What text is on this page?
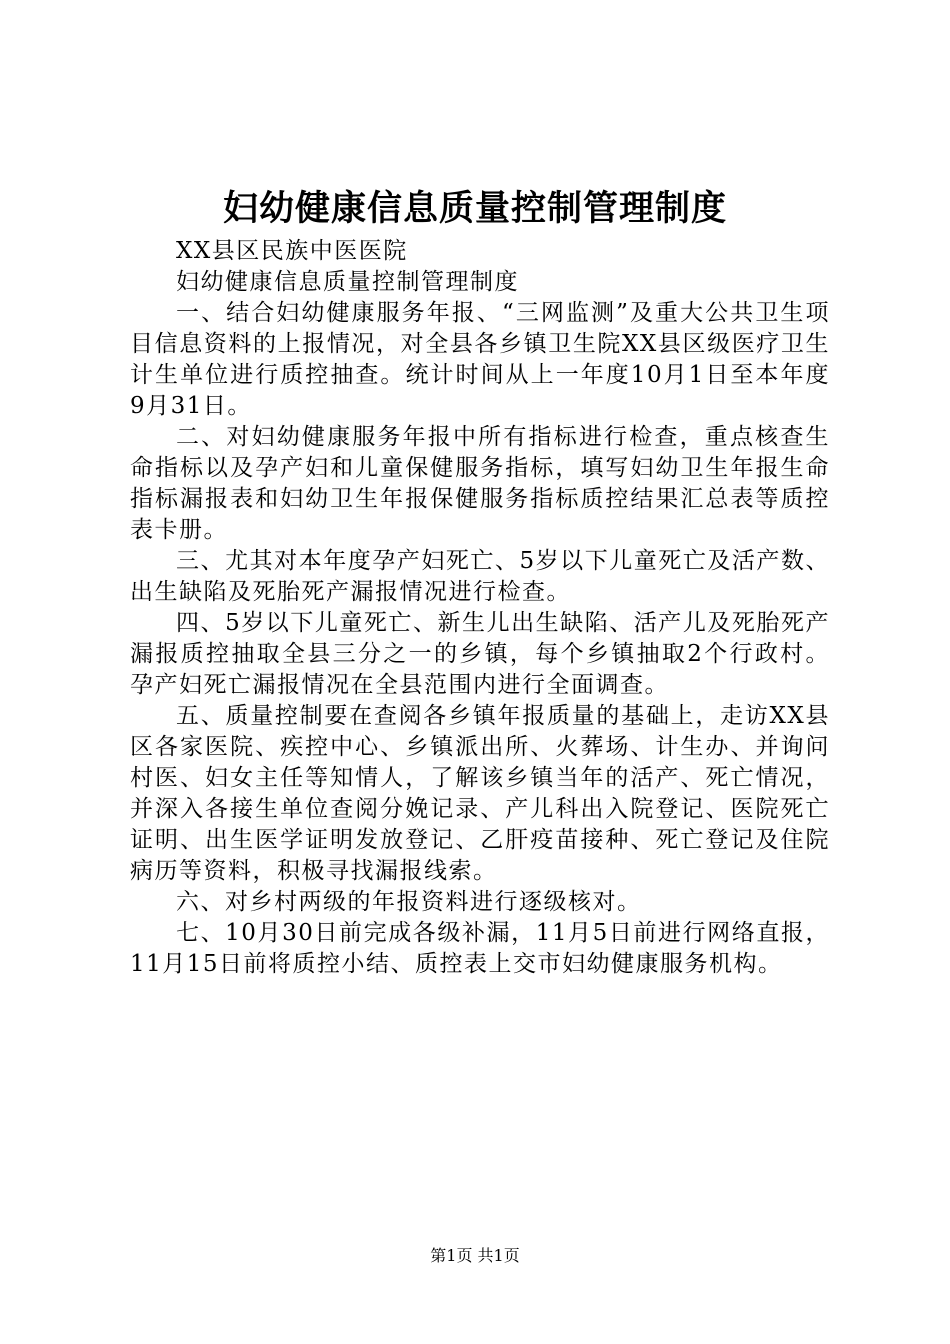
妇幼健康信息质量控制管理制度

XX县区民族中医医院

妇幼健康信息质量控制管理制度

一、结合妇幼健康服务年报、“三网监测”及重大公共卫生项目信息资料的上报情况，对全县各乡镇卫生院XX县区级医疗卫生计生单位进行质控抽查。统计时间从上一年度10月1日至本年度9月31日。

二、对妇幼健康服务年报中所有指标进行检查，重点核查生命指标以及孕产妇和儿童保健服务指标，填写妇幼卫生年报生命指标漏报表和妇幼卫生年报保健服务指标质控结果汇总表等质控表卡册。

三、尤其对本年度孕产妇死亡、5岁以下儿童死亡及活产数、出生缺陷及死胎死产漏报情况进行检查。

四、5岁以下儿童死亡、新生儿出生缺陷、活产儿及死胎死产漏报质控抽取全县三分之一的乡镇，每个乡镇抽取2个行政村。孕产妇死亡漏报情况在全县范围内进行全面调查。

五、质量控制要在查阅各乡镇年报质量的基础上，走访XX县区各家医院、疾控中心、乡镇派出所、火葬场、计生办、并询问村医、妇女主任等知情人，了解该乡镇当年的活产、死亡情况，并深入各接生单位查阅分娩记录、产儿科出入院登记、医院死亡证明、出生医学证明发放登记、乙肝疫苗接种、死亡登记及住院病历等资料，积极寻找漏报线索。

六、对乡村两级的年报资料进行逐级核对。

七、10月30日前完成各级补漏，11月5日前进行网络直报，11月15日前将质控小结、质控表上交市妇幼健康服务机构。

第1页 共1页
